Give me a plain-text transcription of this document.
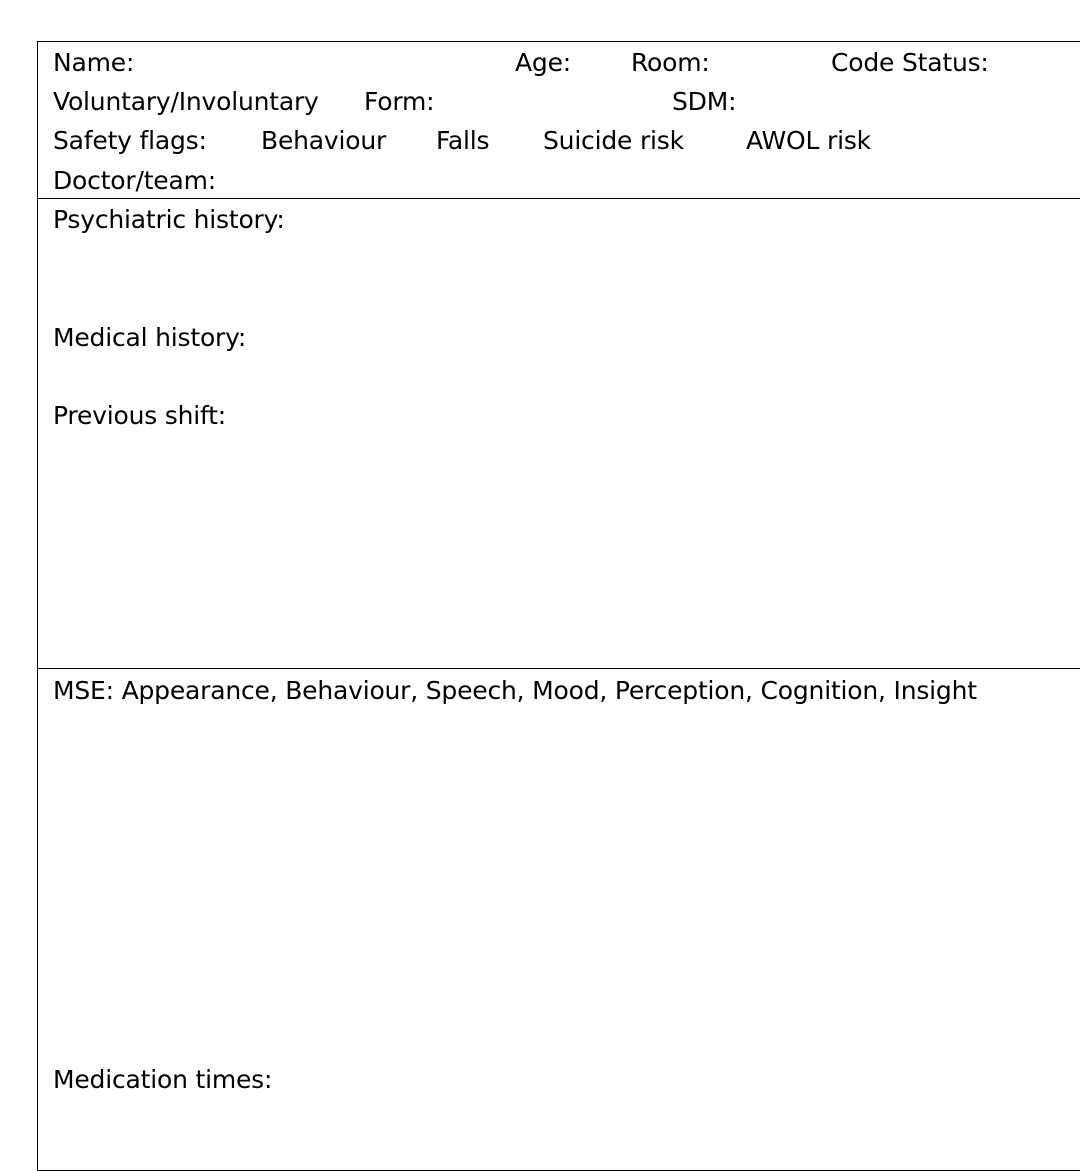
Name:	Age: Room:	Code Status:
Voluntary/Involuntary Form:	SDM:
Safety flags: Behaviour Falls Suicide risk AWOL risk
Doctor/team:
Psychiatric history:
Medical history:
Previous shift:
MSE: Appearance, Behaviour, Speech, Mood, Perception, Cognition, Insight
Medication times:
